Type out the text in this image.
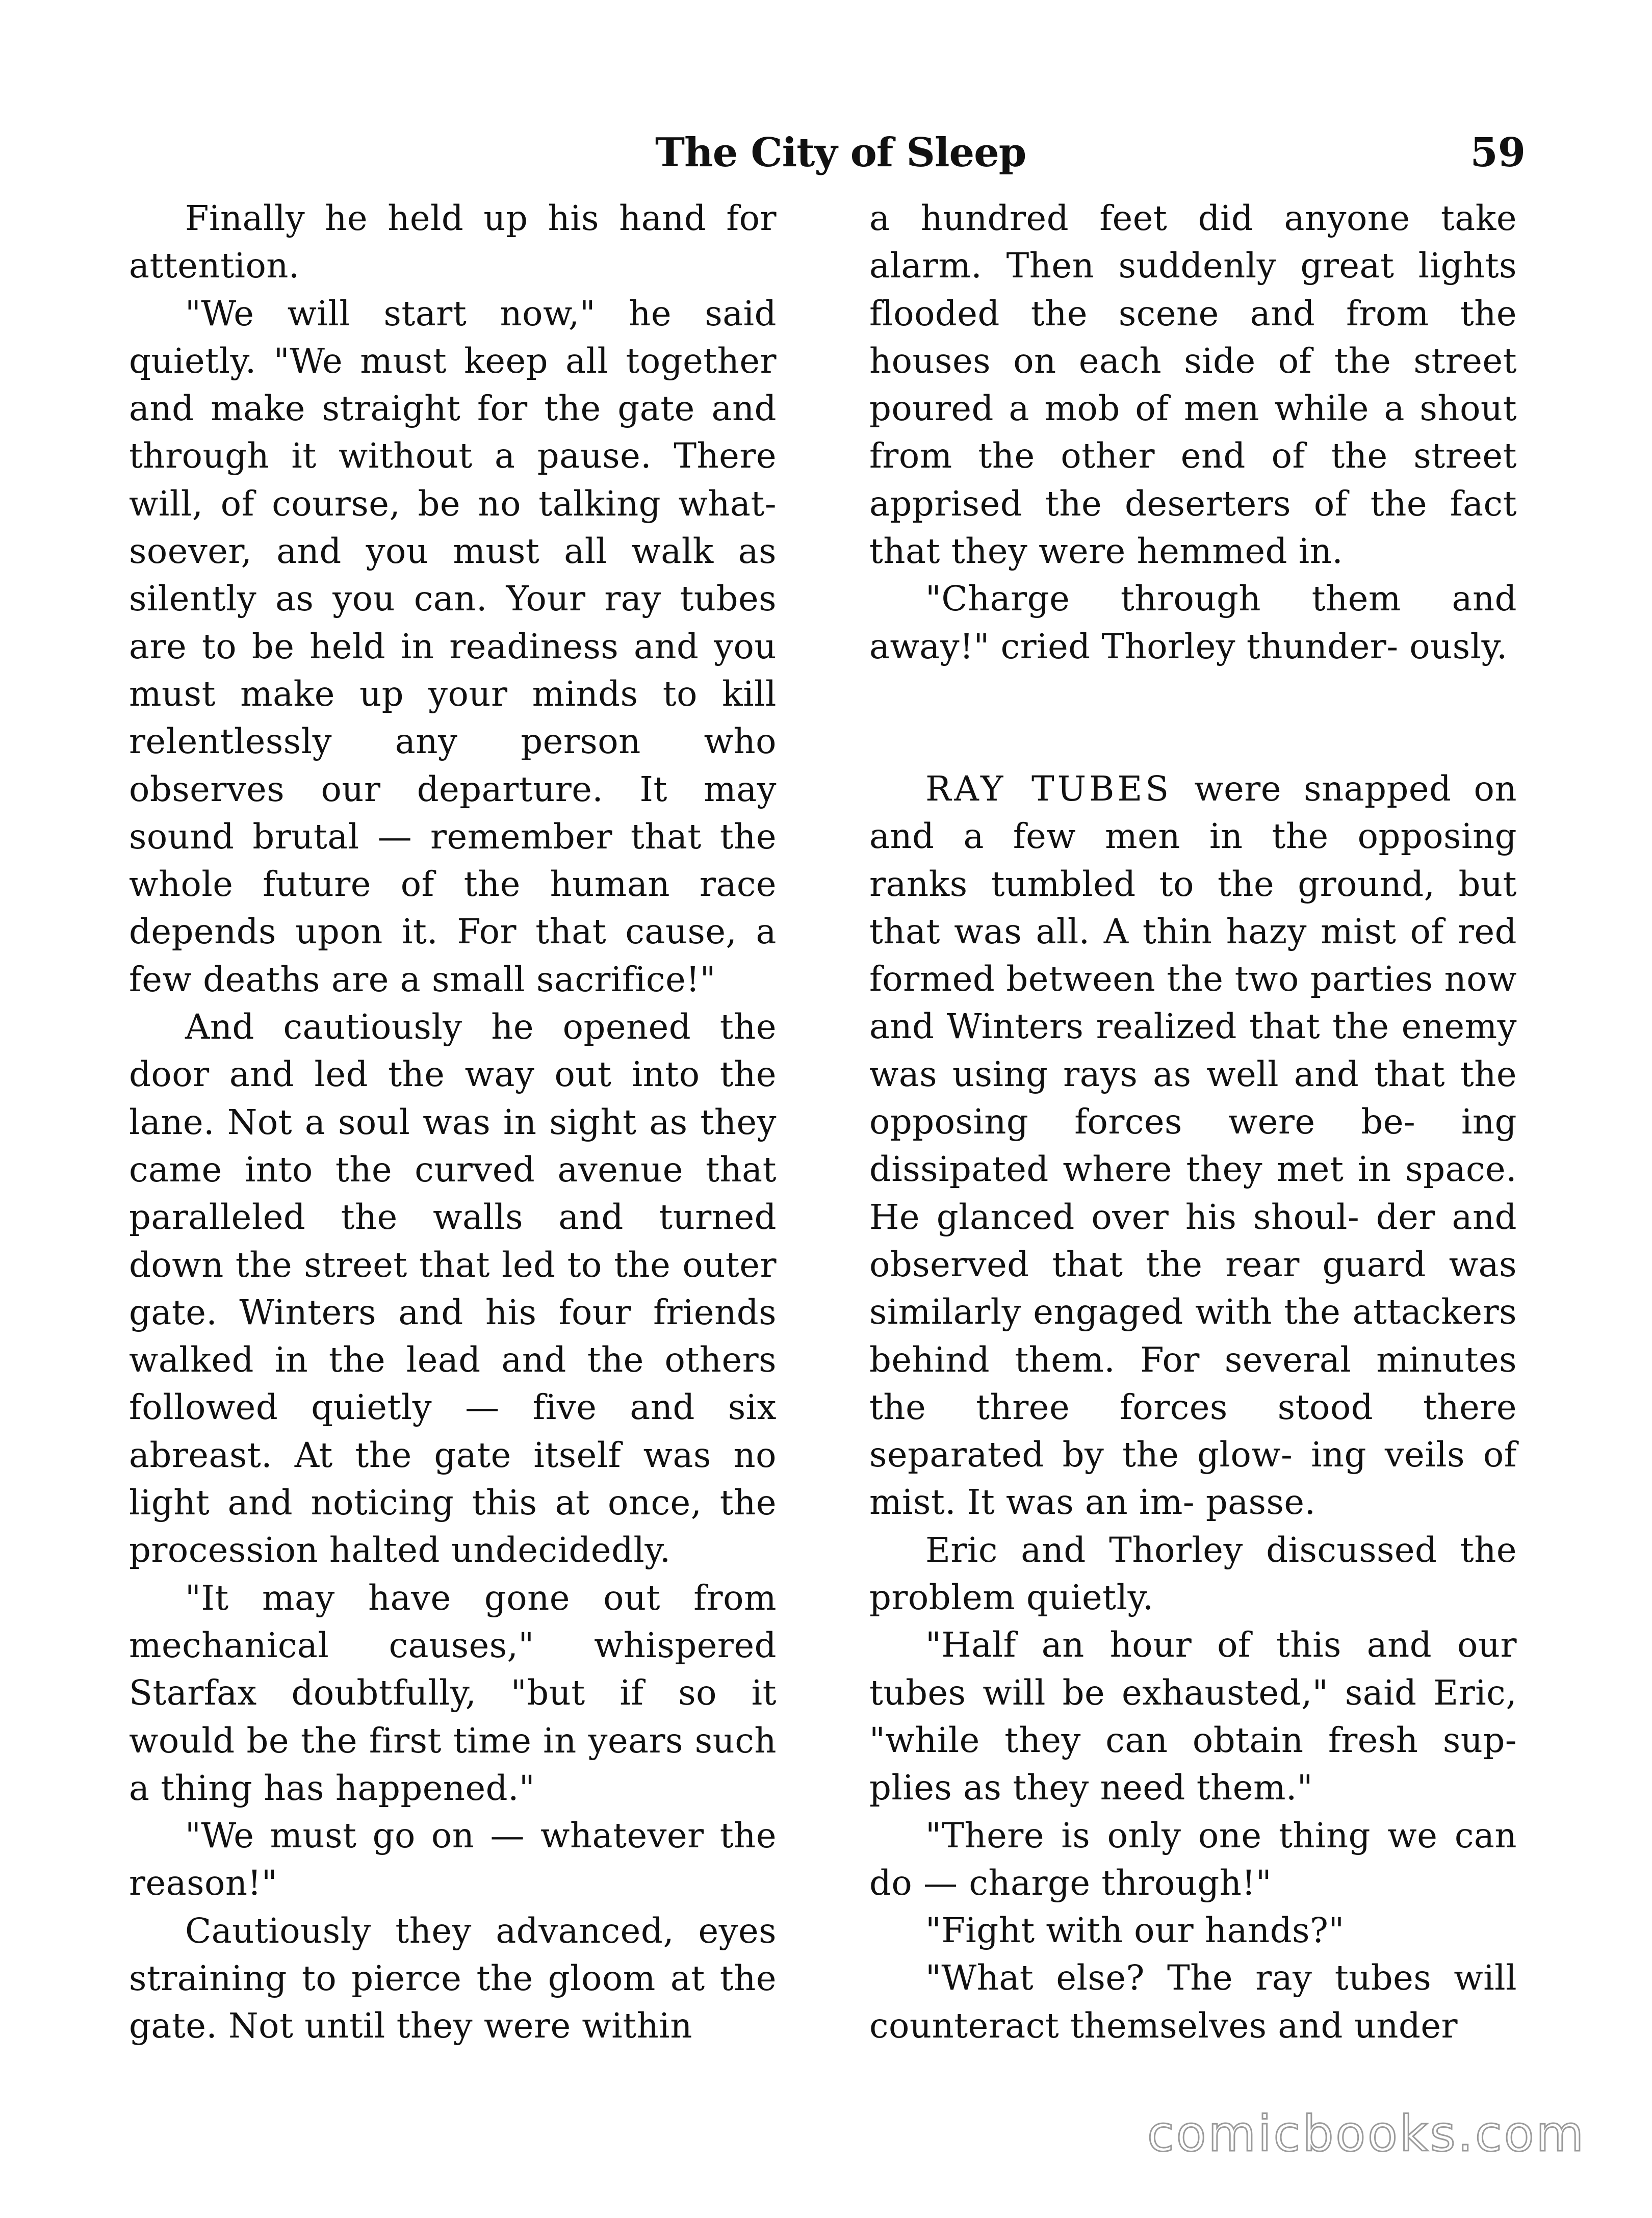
The City of Sleep	59

Finally he held up his hand for attention.

"We will start now," he said quietly. "We must keep all together and make straight for the gate and through it without a pause. There will, of course, be no talking what- soever, and you must all walk as silently as you can. Your ray tubes are to be held in readiness and you must make up your minds to kill relentlessly any person who observes our departure. It may sound brutal — remember that the whole future of the human race depends upon it. For that cause, a few deaths are a small sacrifice!"

And cautiously he opened the door and led the way out into the lane. Not a soul was in sight as they came into the curved avenue that paralleled the walls and turned down the street that led to the outer gate. Winters and his four friends walked in the lead and the others followed quietly — five and six abreast. At the gate itself was no light and noticing this at once, the procession halted undecidedly.

"It may have gone out from mechanical causes," whispered Starfax doubtfully, "but if so it would be the first time in years such a thing has happened."

"We must go on — whatever the reason!"

Cautiously they advanced, eyes straining to pierce the gloom at the gate. Not until they were within

a hundred feet did anyone take alarm. Then suddenly great lights flooded the scene and from the houses on each side of the street poured a mob of men while a shout from the other end of the street apprised the deserters of the fact that they were hemmed in.

"Charge through them and away!" cried Thorley thunder- ously.

RAY TUBES were snapped on and a few men in the opposing ranks tumbled to the ground, but that was all. A thin hazy mist of red formed between the two parties now and Winters realized that the enemy was using rays as well and that the opposing forces were be- ing dissipated where they met in space. He glanced over his shoul- der and observed that the rear guard was similarly engaged with the attackers behind them. For several minutes the three forces stood there separated by the glow- ing veils of mist. It was an im- passe.

Eric and Thorley discussed the problem quietly.

"Half an hour of this and our tubes will be exhausted," said Eric, "while they can obtain fresh sup- plies as they need them."

"There is only one thing we can do — charge through!"

"Fight with our hands?"

"What else? The ray tubes will counteract themselves and under

comicbooks.com
